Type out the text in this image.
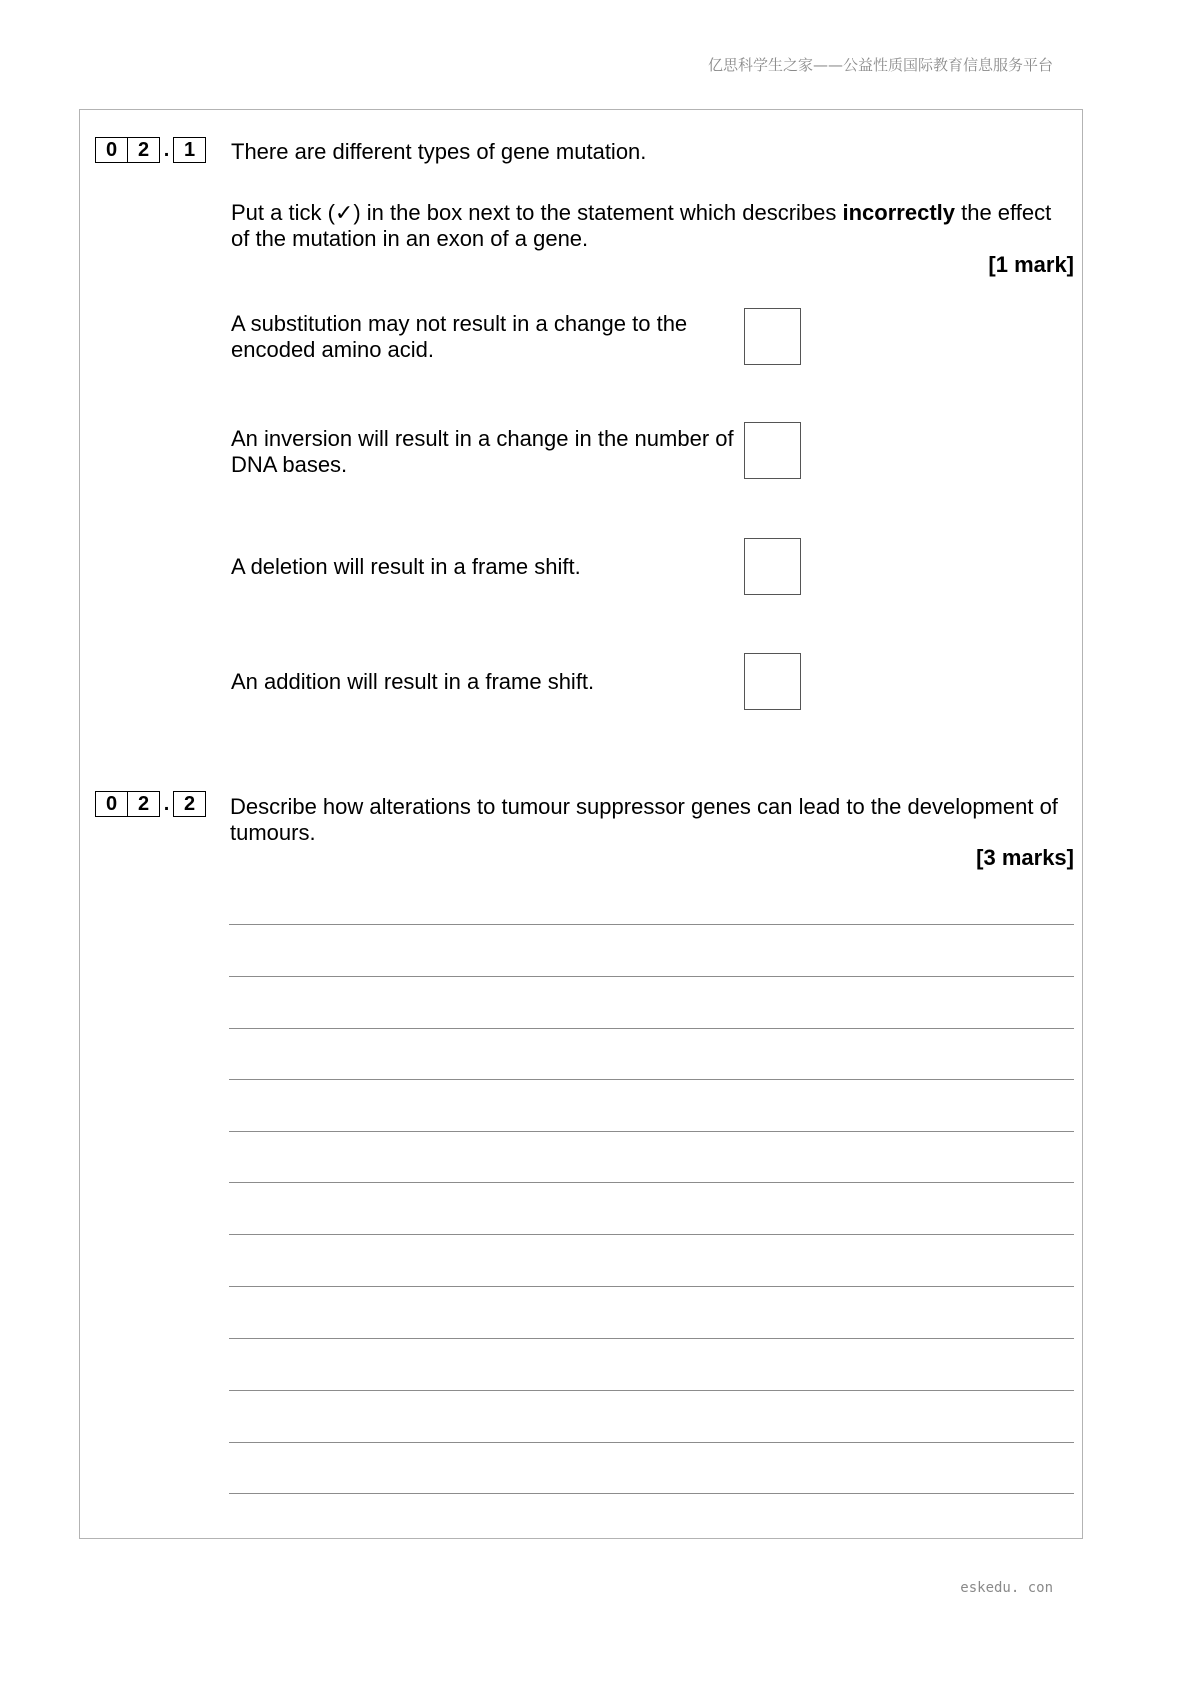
亿思科学生之家——公益性质国际教育信息服务平台
0	2 . 1	There are different types of gene mutation.
Put a tick (✓) in the box next to the statement which describes incorrectly the effect
of the mutation in an exon of a gene.
[1 mark]
A substitution may not result in a change to the
encoded amino acid.
An inversion will result in a change in the number of
DNA bases.
A deletion will result in a frame shift.
An addition will result in a frame shift.
0	2 . 2	Describe how alterations to tumour suppressor genes can lead to the development of
tumours.
[3 marks]
eskedu. con
